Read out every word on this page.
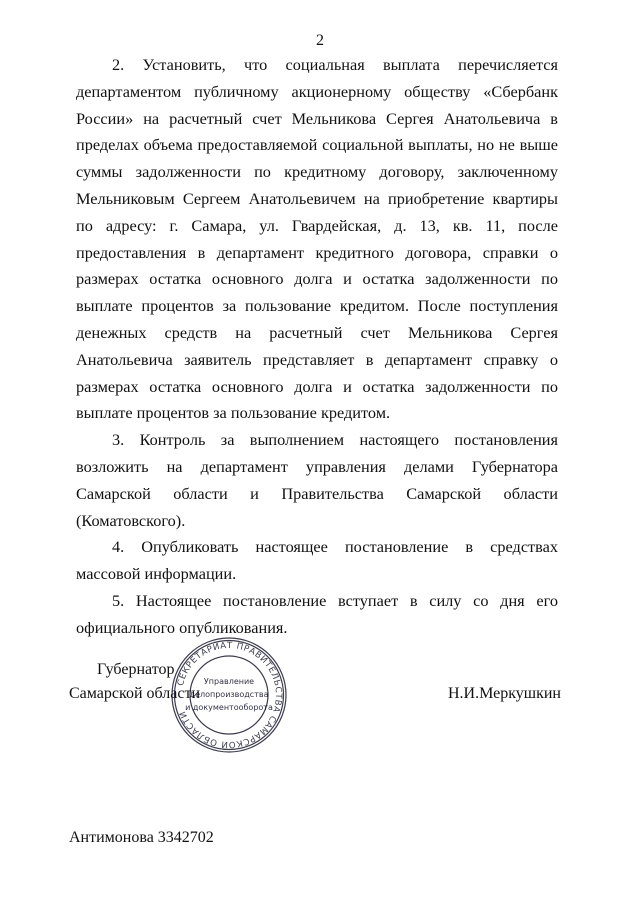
2

2. Установить, что социальная выплата перечисляется департаментом публичному акционерному обществу «Сбербанк России» на расчетный счет Мельникова Сергея Анатольевича в пределах объема предоставляемой социальной выплаты, но не выше суммы задолженности по кредитному договору, заключенному Мельниковым Сергеем Анатольевичем на приобретение квартиры по адресу: г. Самара, ул. Гвардейская, д. 13, кв. 11, после предоставления в департамент кредитного договора, справки о размерах остатка основного долга и остатка задолженности по выплате процентов за пользование кредитом. После поступления денежных средств на расчетный счет Мельникова Сергея Анатольевича заявитель представляет в департамент справку о размерах остатка основного долга и остатка задолженности по выплате процентов за пользование кредитом.

3. Контроль за выполнением настоящего постановления возложить на департамент управления делами Губернатора Самарской области и Правительства Самарской области (Коматовского).

4. Опубликовать настоящее постановление в средствах массовой информации.

5. Настоящее постановление вступает в силу со дня его официального опубликования.

Губернатор
Самарской области	Н.И.Меркушкин
СЕКРЕТАРИАТ ПРАВИТЕЛЬСТВА САМАРСКОЙ ОБЛАСТИ
Управление
делопроизводства
и документооборота
Антимонова 3342702
